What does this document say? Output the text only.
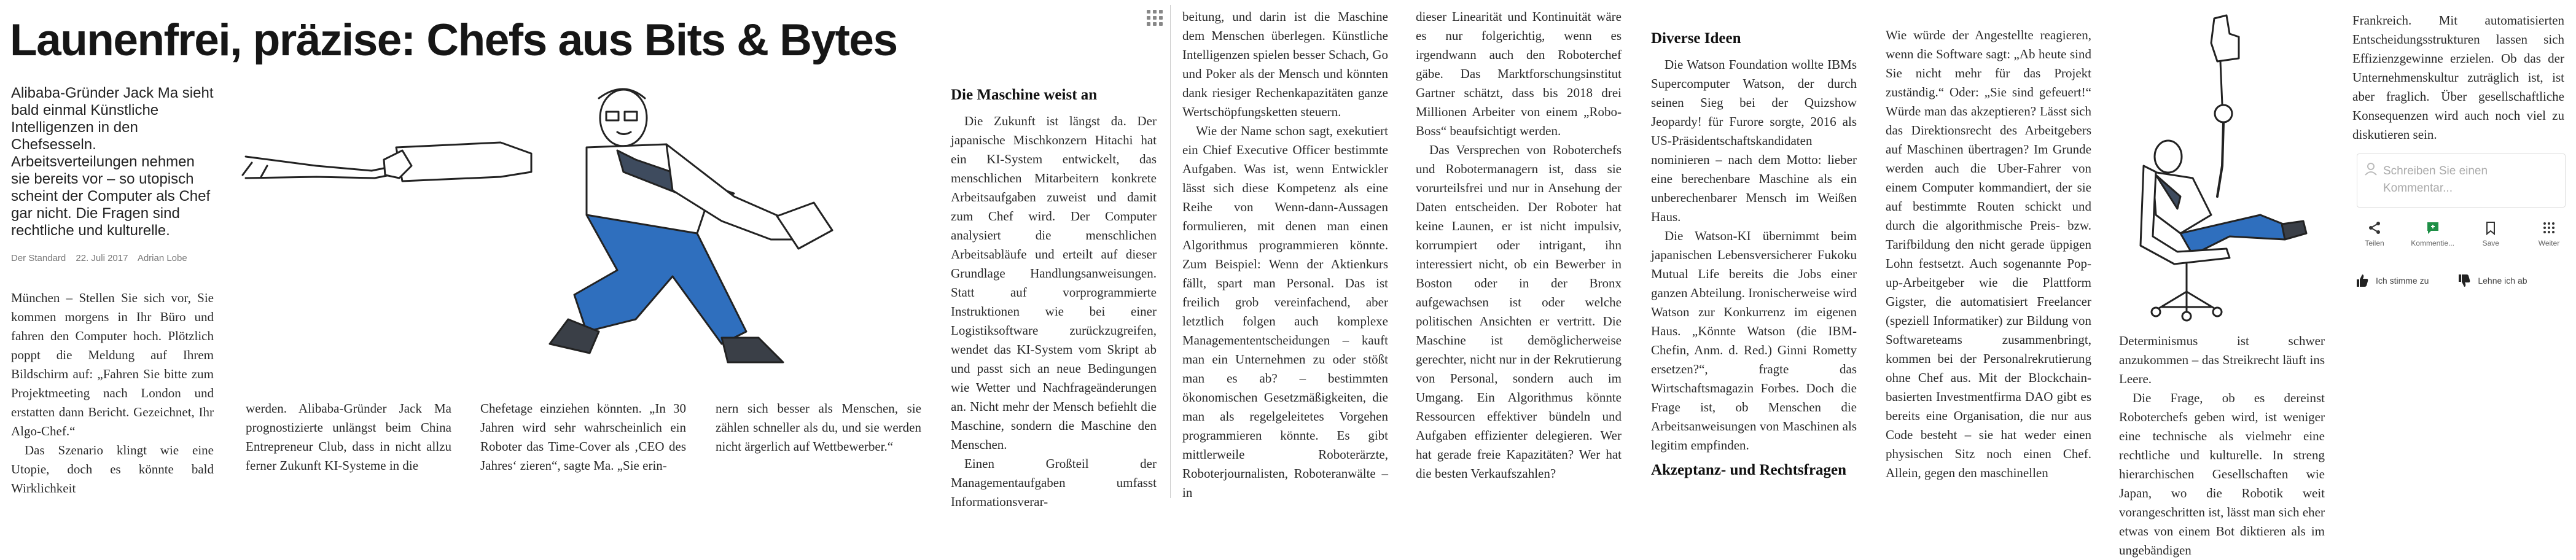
Launenfrei, präzise: Chefs aus Bits & Bytes
Alibaba-Gründer Jack Ma sieht bald einmal Künstliche Intelligenzen in den Chefsesseln. Arbeitsverteilungen nehmen sie bereits vor – so utopisch scheint der Computer als Chef gar nicht. Die Fragen sind rechtliche und kulturelle.
Der Standard 22. Juli 2017 Adrian Lobe

München – Stellen Sie sich vor, Sie kommen morgens in Ihr Büro und fahren den Computer hoch. Plötzlich poppt die Meldung auf Ihrem Bildschirm auf: „Fahren Sie bitte zum Projektmeeting nach London und erstatten dann Bericht. Gezeichnet, Ihr Algo-Chef.“

Das Szenario klingt wie eine Utopie, doch es könnte bald Wirklichkeit

werden. Alibaba-Gründer Jack Ma prognostizierte unlängst beim China Entrepreneur Club, dass in nicht allzu ferner Zukunft KI-Systeme in die

Chefetage einziehen könnten. „In 30 Jahren wird sehr wahrscheinlich ein Roboter das Time-Cover als ‚CEO des Jahres‘ zieren“, sagte Ma. „Sie erin-

nern sich besser als Menschen, sie zählen schneller als du, und sie werden nicht ärgerlich auf Wettbewerber.“

Die Maschine weist an

Die Zukunft ist längst da. Der japanische Mischkonzern Hitachi hat ein KI-System entwickelt, das menschlichen Mitarbeitern konkrete Arbeitsaufgaben zuweist und damit zum Chef wird. Der Computer analysiert die menschlichen Arbeitsabläufe und erteilt auf dieser Grundlage Handlungsanweisungen. Statt auf vorprogrammierte Instruktionen wie bei einer Logistiksoftware zurückzugreifen, wendet das KI-System vom Skript ab und passt sich an neue Bedingungen wie Wetter und Nachfrageänderungen an. Nicht mehr der Mensch befiehlt die Maschine, sondern die Maschine den Menschen.

Einen Großteil der Managementaufgaben umfasst Informationsverar-

beitung, und darin ist die Maschine dem Menschen überlegen. Künstliche Intelligenzen spielen besser Schach, Go und Poker als der Mensch und könnten dank riesiger Rechenkapazitäten ganze Wertschöpfungsketten steuern.

Wie der Name schon sagt, exekutiert ein Chief Executive Officer bestimmte Aufgaben. Was ist, wenn Entwickler lässt sich diese Kompetenz als eine Reihe von Wenn-dann-Aussagen formulieren, mit denen man einen Algorithmus programmieren könnte. Zum Beispiel: Wenn der Aktienkurs fällt, spart man Personal. Das ist freilich grob vereinfachend, aber letztlich folgen auch komplexe Managemententscheidungen – kauft man ein Unternehmen zu oder stößt man es ab? – bestimmten ökonomischen Gesetzmäßigkeiten, die man als regelgeleitetes Vorgehen programmieren könnte. Es gibt mittlerweile Roboterärzte, Roboterjournalisten, Roboteranwälte – in

dieser Linearität und Kontinuität wäre es nur folgerichtig, wenn es irgendwann auch den Roboterchef gäbe. Das Marktforschungsinstitut Gartner schätzt, dass bis 2018 drei Millionen Arbeiter von einem „Robo-Boss“ beaufsichtigt werden.

Das Versprechen von Roboterchefs und Robotermanagern ist, dass sie vorurteilsfrei und nur in Ansehung der Daten entscheiden. Der Roboter hat keine Launen, er ist nicht impulsiv, korrumpiert oder intrigant, ihn interessiert nicht, ob ein Bewerber in Boston oder in der Bronx aufgewachsen ist oder welche politischen Ansichten er vertritt. Die Maschine ist demöglicherweise gerechter, nicht nur in der Rekrutierung von Personal, sondern auch im Umgang. Ein Algorithmus könnte Ressourcen effektiver bündeln und Aufgaben effizienter delegieren. Wer hat gerade freie Kapazitäten? Wer hat die besten Verkaufszahlen?

Diverse Ideen

Die Watson Foundation wollte IBMs Supercomputer Watson, der durch seinen Sieg bei der Quizshow Jeopardy! für Furore sorgte, 2016 als US-Präsidentschaftskandidaten nominieren – nach dem Motto: lieber eine berechenbare Maschine als ein unberechenbarer Mensch im Weißen Haus.

Die Watson-KI übernimmt beim japanischen Lebensversicherer Fukoku Mutual Life bereits die Jobs einer ganzen Abteilung. Ironischerweise wird Watson zur Konkurrenz im eigenen Haus. „Könnte Watson (die IBM-Chefin, Anm. d. Red.) Ginni Rometty ersetzen?“, fragte das Wirtschaftsmagazin Forbes. Doch die Frage ist, ob Menschen die Arbeitsanweisungen von Maschinen als legitim empfinden.

Akzeptanz- und Rechtsfragen

Wie würde der Angestellte reagieren, wenn die Software sagt: „Ab heute sind Sie nicht mehr für das Projekt zuständig.“ Oder: „Sie sind gefeuert!“ Würde man das akzeptieren? Lässt sich das Direktionsrecht des Arbeitgebers auf Maschinen übertragen? Im Grunde werden auch die Uber-Fahrer von einem Computer kommandiert, der sie auf bestimmte Routen schickt und durch die algorithmische Preis- bzw. Tarifbildung den nicht gerade üppigen Lohn festsetzt. Auch sogenannte Pop-up-Arbeitgeber wie die Plattform Gigster, die automatisiert Freelancer (speziell Informatiker) zur Bildung von Softwareteams zusammenbringt, kommen bei der Personalrekrutierung ohne Chef aus. Mit der Blockchain-basierten Investmentfirma DAO gibt es bereits eine Organisation, die nur aus Code besteht – sie hat weder einen physischen Sitz noch einen Chef. Allein, gegen den maschinellen

Determinismus ist schwer anzukommen – das Streikrecht läuft ins Leere.

Die Frage, ob es dereinst Roboterchefs geben wird, ist weniger eine technische als vielmehr eine rechtliche und kulturelle. In streng hierarchischen Gesellschaften wie Japan, wo die Robotik weit vorangeschritten ist, lässt man sich eher etwas von einem Bot diktieren als im ungebändigen

Frankreich. Mit automatisierten Entscheidungsstrukturen lassen sich Effizienzgewinne erzielen. Ob das der Unternehmenskultur zuträglich ist, ist aber fraglich. Über gesellschaftliche Konsequenzen wird auch noch viel zu diskutieren sein.

Schreiben Sie einen Kommentar...
Teilen	Kommentie...	Save	Weiter
Ich stimme zu	Lehne ich ab
